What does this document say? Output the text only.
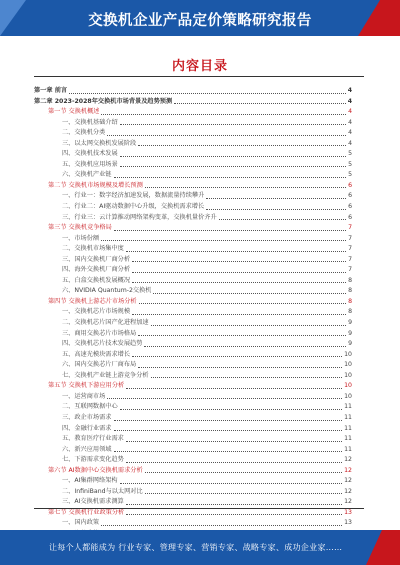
交换机企业产品定价策略研究报告
内容目录
第一章 前言	4
第二章 2023-2028年交换机市场背景及趋势预测	4
第一节 交换机概述	4
一、交换机基础介绍	4
二、交换机分类	4
三、以太网交换机发展阶段	4
四、交换机技术发展	5
五、交换机应用场景	5
六、交换机产业链	5
第二节 交换机市场规模及增长预测	6
一、行业一：数字经济加速发展，数据流量持续攀升	6
二、行业二：AI驱动数据中心升级，交换机需求增长	6
三、行业三：云计算推动网络架构变革，交换机量价齐升	6
第三节 交换机竞争格局	7
一、市场份额	7
二、交换机市场集中度	7
三、国内交换机厂商分析	7
四、海外交换机厂商分析	7
五、白盒交换机发展概况	8
六、NVIDIA Quantum-2交换机	8
第四节 交换机上游芯片市场分析	8
一、交换机芯片市场规模	8
二、交换机芯片国产化进程加速	9
三、商用交换芯片市场格局	9
四、交换机芯片技术发展趋势	9
五、高速光模块需求增长	10
六、国内交换芯片厂商布局	10
七、交换机产业链上游竞争分析	10
第五节 交换机下游应用分析	10
一、运营商市场	10
二、互联网数据中心	11
三、政企市场需求	11
四、金融行业需求	11
五、教育医疗行业需求	11
六、新兴应用领域	11
七、下游需求变化趋势	12
第六节 AI数据中心交换机需求分析	12
一、AI集群网络架构	12
二、InfiniBand与以太网对比	12
三、AI交换机需求测算	12
第七节 交换机行业政策分析	13
一、国内政策	13
让每个人都能成为 行业专家、管理专家、营销专家、战略专家、成功企业家……
